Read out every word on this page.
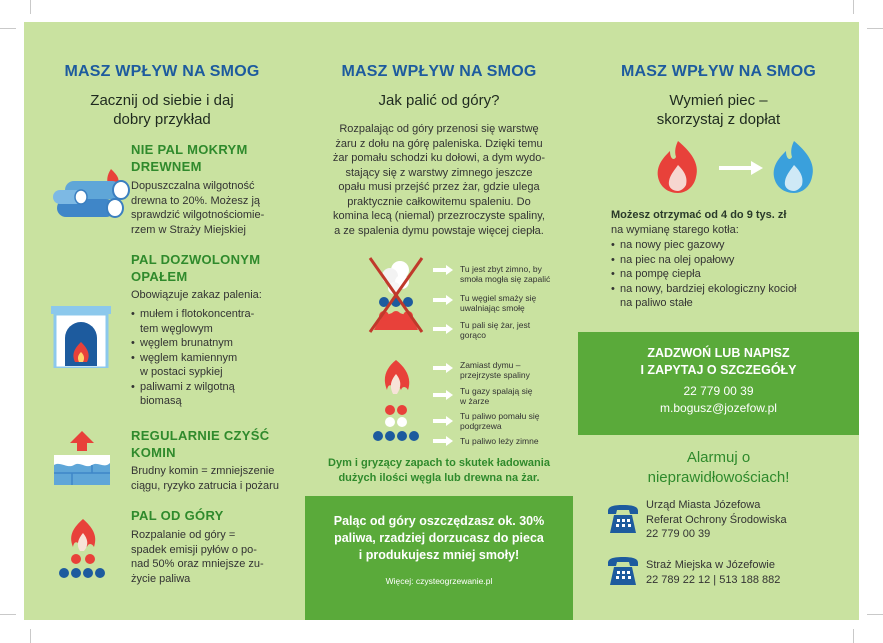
MASZ WPŁYW NA SMOG
Zacznij od siebie i daj
dobry przykład
NIE PAL MOKRYM
DREWNEM
Dopuszczalna wilgotność
drewna to 20%. Możesz ją
sprawdzić wilgotnościomie-
rzem w Straży Miejskiej
PAL DOZWOLONYM
OPAŁEM
Obowiązuje zakaz palenia:
• mułem i flotokoncentra-
tem węglowym
• węglem brunatnym
• węglem kamiennym
w postaci sypkiej
• paliwami z wilgotną
biomasą
REGULARNIE CZYŚĆ
KOMIN
Brudny komin = zmniejszenie
ciągu, ryzyko zatrucia i pożaru
PAL OD GÓRY
Rozpalanie od góry =
spadek emisji pyłów o po-
nad 50% oraz mniejsze zu-
życie paliwa
MASZ WPŁYW NA SMOG
Jak palić od góry?
Rozpalając od góry przenosi się warstwę
żaru z dołu na górę paleniska. Dzięki temu
żar pomału schodzi ku dołowi, a dym wydo-
stający się z warstwy zimnego jeszcze
opału musi przejść przez żar, gdzie ulega
praktycznie całkowitemu spaleniu. Do
komina lecą (niemal) przezroczyste spaliny,
a ze spalenia dymu powstaje więcej ciepła.
Tu jest zbyt zimno, by
smoła mogła się zapalić
Tu węgiel smaży się
uwalniając smołę
Tu pali się żar, jest
gorąco
Zamiast dymu –
przejrzyste spaliny
Tu gazy spalają się
w żarze
Tu paliwo pomału się
podgrzewa
Tu paliwo leży zimne
Dym i gryzący zapach to skutek ładowania
dużych ilości węgla lub drewna na żar.
Paląc od góry oszczędzasz ok. 30%
paliwa, rzadziej dorzucasz do pieca
i produkujesz mniej smoły!
Więcej: czysteogrzewanie.pl
MASZ WPŁYW NA SMOG
Wymień piec –
skorzystaj z dopłat
Możesz otrzymać od 4 do 9 tys. zł
na wymianę starego kotła:
• na nowy piec gazowy
• na piec na olej opałowy
• na pompę ciepła
• na nowy, bardziej ekologiczny kocioł
na paliwo stałe
ZADZWOŃ LUB NAPISZ
I ZAPYTAJ O SZCZEGÓŁY
22 779 00 39
m.bogusz@jozefow.pl
Alarmuj o
nieprawidłowościach!
Urząd Miasta Józefowa
Referat Ochrony Środowiska
22 779 00 39
Straż Miejska w Józefowie
22 789 22 12 | 513 188 882
